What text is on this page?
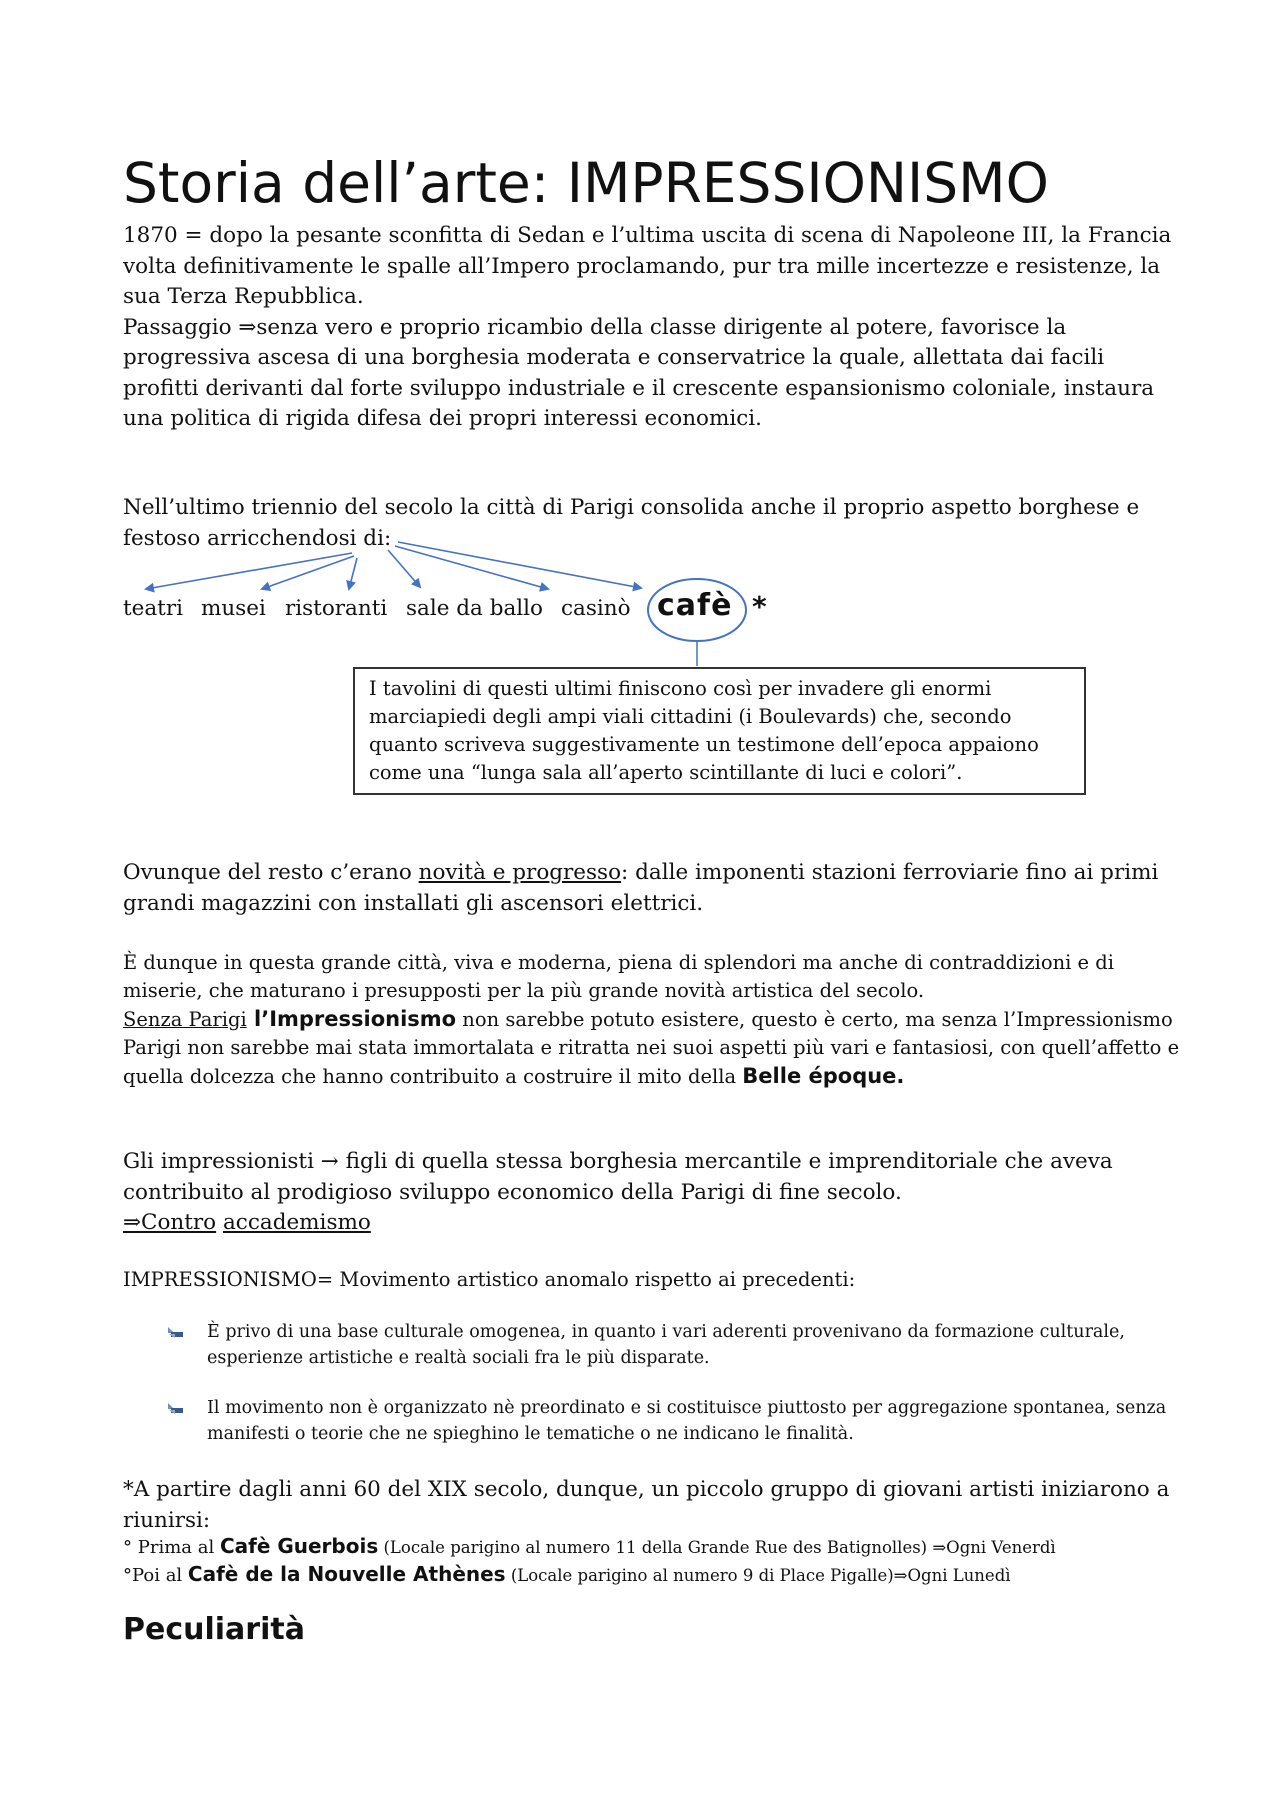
Storia dell’arte: IMPRESSIONISMO

1870 = dopo la pesante sconfitta di Sedan e l’ultima uscita di scena di Napoleone III, la Francia volta definitivamente le spalle all’Impero proclamando, pur tra mille incertezze e resistenze, la sua Terza Repubblica.

Passaggio ⇒senza vero e proprio ricambio della classe dirigente al potere, favorisce la progressiva ascesa di una borghesia moderata e conservatrice la quale, allettata dai facili profitti derivanti dal forte sviluppo industriale e il crescente espansionismo coloniale, instaura una politica di rigida difesa dei propri interessi economici.

Nell’ultimo triennio del secolo la città di Parigi consolida anche il proprio aspetto borghese e festoso arricchendosi di:
teatri musei ristoranti sale da ballo casinò cafè *
I tavolini di questi ultimi finiscono così per invadere gli enormi marciapiedi degli ampi viali cittadini (i Boulevards) che, secondo quanto scriveva suggestivamente un testimone dell’epoca appaiono come una “lunga sala all’aperto scintillante di luci e colori”.
Ovunque del resto c’erano novità e progresso: dalle imponenti stazioni ferroviarie fino ai primi grandi magazzini con installati gli ascensori elettrici.

È dunque in questa grande città, viva e moderna, piena di splendori ma anche di contraddizioni e di miserie, che maturano i presupposti per la più grande novità artistica del secolo.

Senza Parigi l’Impressionismo non sarebbe potuto esistere, questo è certo, ma senza l’Impressionismo Parigi non sarebbe mai stata immortalata e ritratta nei suoi aspetti più vari e fantasiosi, con quell’affetto e quella dolcezza che hanno contribuito a costruire il mito della Belle époque.

Gli impressionisti → figli di quella stessa borghesia mercantile e imprenditoriale che aveva contribuito al prodigioso sviluppo economico della Parigi di fine secolo.

⇒Contro accademismo

IMPRESSIONISMO= Movimento artistico anomalo rispetto ai precedenti:
È privo di una base culturale omogenea, in quanto i vari aderenti provenivano da formazione culturale, esperienze artistiche e realtà sociali fra le più disparate.
Il movimento non è organizzato nè preordinato e si costituisce piuttosto per aggregazione spontanea, senza manifesti o teorie che ne spieghino le tematiche o ne indicano le finalità.
*A partire dagli anni 60 del XIX secolo, dunque, un piccolo gruppo di giovani artisti iniziarono a riunirsi:
° Prima al Cafè Guerbois (Locale parigino al numero 11 della Grande Rue des Batignolles) ⇒Ogni Venerdì
°Poi al Cafè de la Nouvelle Athènes (Locale parigino al numero 9 di Place Pigalle)⇒Ogni Lunedì
Peculiarità
